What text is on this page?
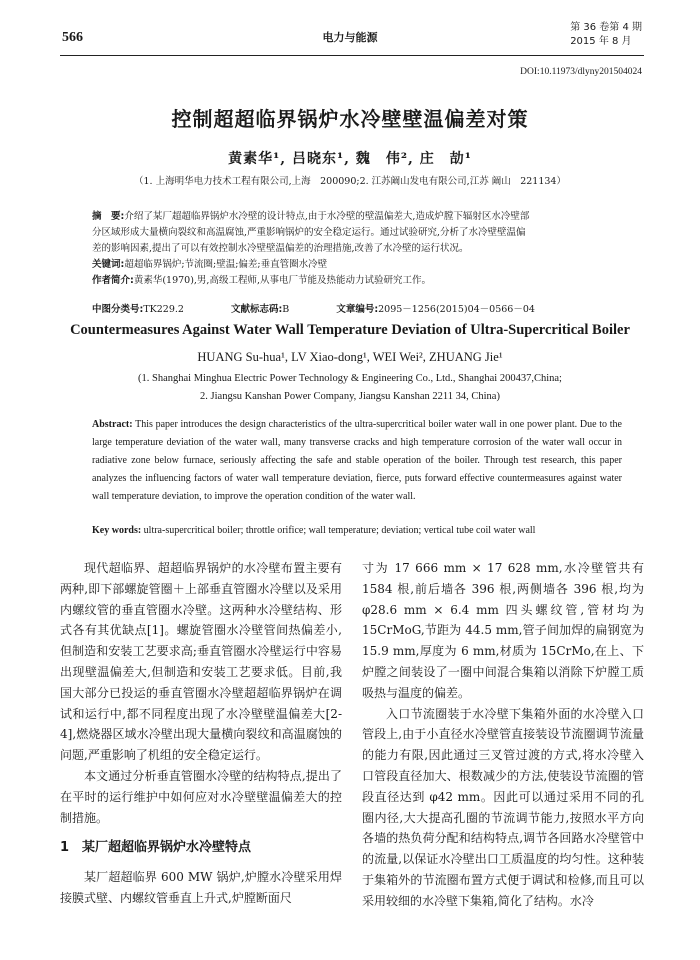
566	电力与能源
第 36 卷第 4 期
2015 年 8 月
DOI:10.11973/dlyny201504024
控制超超临界锅炉水冷壁壁温偏差对策
黄素华¹, 吕晓东¹, 魏　伟², 庄　劼¹
（1. 上海明华电力技术工程有限公司,上海　200090;2. 江苏阚山发电有限公司,江苏 阚山　221134）
摘　要:介绍了某厂超超临界锅炉水冷壁的设计特点,由于水冷壁的壁温偏差大,造成炉膛下辐射区水冷壁部
分区域形成大量横向裂纹和高温腐蚀,严重影响锅炉的安全稳定运行。通过试验研究,分析了水冷壁壁温偏
差的影响因素,提出了可以有效控制水冷壁壁温偏差的治理措施,改善了水冷壁的运行状况。
关键词:超超临界锅炉;节流圈;壁温;偏差;垂直管圈水冷壁
作者简介:黄素华(1970),男,高级工程师,从事电厂节能及热能动力试验研究工作。
中图分类号:TK229.2	文献标志码:B	文章编号:2095－1256(2015)04－0566－04
Countermeasures Against Water Wall Temperature Deviation of Ultra-Supercritical Boiler
HUANG Su-hua¹, LV Xiao-dong¹, WEI Wei², ZHUANG Jie¹
(1. Shanghai Minghua Electric Power Technology & Engineering Co., Ltd., Shanghai 200437,China;
2. Jiangsu Kanshan Power Company, Jiangsu Kanshan 2211 34, China)
Abstract: This paper introduces the design characteristics of the ultra-supercritical boiler water wall in one power plant. Due to the large temperature deviation of the water wall, many transverse cracks and high temperature corrosion of the water wall occur in radiative zone below furnace, seriously affecting the safe and stable operation of the boiler. Through test research, this paper analyzes the influencing factors of water wall temperature deviation, fierce, puts forward effective countermeasures against water wall temperature deviation, to improve the operation condition of the water wall.
Key words: ultra-supercritical boiler; throttle orifice; wall temperature; deviation; vertical tube coil water wall

现代超临界、超超临界锅炉的水冷壁布置主要有两种,即下部螺旋管圈＋上部垂直管圈水冷壁以及采用内螺纹管的垂直管圈水冷壁。这两种水冷壁结构、形式各有其优缺点[1]。螺旋管圈水冷壁管间热偏差小,但制造和安装工艺要求高;垂直管圈水冷壁运行中容易出现壁温偏差大,但制造和安装工艺要求低。目前,我国大部分已投运的垂直管圈水冷壁超超临界锅炉在调试和运行中,都不同程度出现了水冷壁壁温偏差大[2-4],燃烧器区域水冷壁出现大量横向裂纹和高温腐蚀的问题,严重影响了机组的安全稳定运行。

本文通过分析垂直管圈水冷壁的结构特点,提出了在平时的运行维护中如何应对水冷壁壁温偏差大的控制措施。

1　某厂超超临界锅炉水冷壁特点

某厂超超临界 600 MW 锅炉,炉膛水冷壁采用焊接膜式壁、内螺纹管垂直上升式,炉膛断面尺

寸为 17 666 mm × 17 628 mm,水冷壁管共有 1584 根,前后墙各 396 根,两侧墙各 396 根,均为 φ28.6 mm × 6.4 mm 四头螺纹管,管材均为 15CrMoG,节距为 44.5 mm,管子间加焊的扁钢宽为 15.9 mm,厚度为 6 mm,材质为 15CrMo,在上、下炉膛之间装设了一圈中间混合集箱以消除下炉膛工质吸热与温度的偏差。

入口节流圈装于水冷壁下集箱外面的水冷壁入口管段上,由于小直径水冷壁管直接装设节流圈调节流量的能力有限,因此通过三叉管过渡的方式,将水冷壁入口管段直径加大、根数减少的方法,使装设节流圈的管段直径达到 φ42 mm。因此可以通过采用不同的孔圈内径,大大提高孔圈的节流调节能力,按照水平方向各墙的热负荷分配和结构特点,调节各回路水冷壁管中的流量,以保证水冷壁出口工质温度的均匀性。这种装于集箱外的节流圈布置方式便于调试和检修,而且可以采用较细的水冷壁下集箱,简化了结构。水冷
